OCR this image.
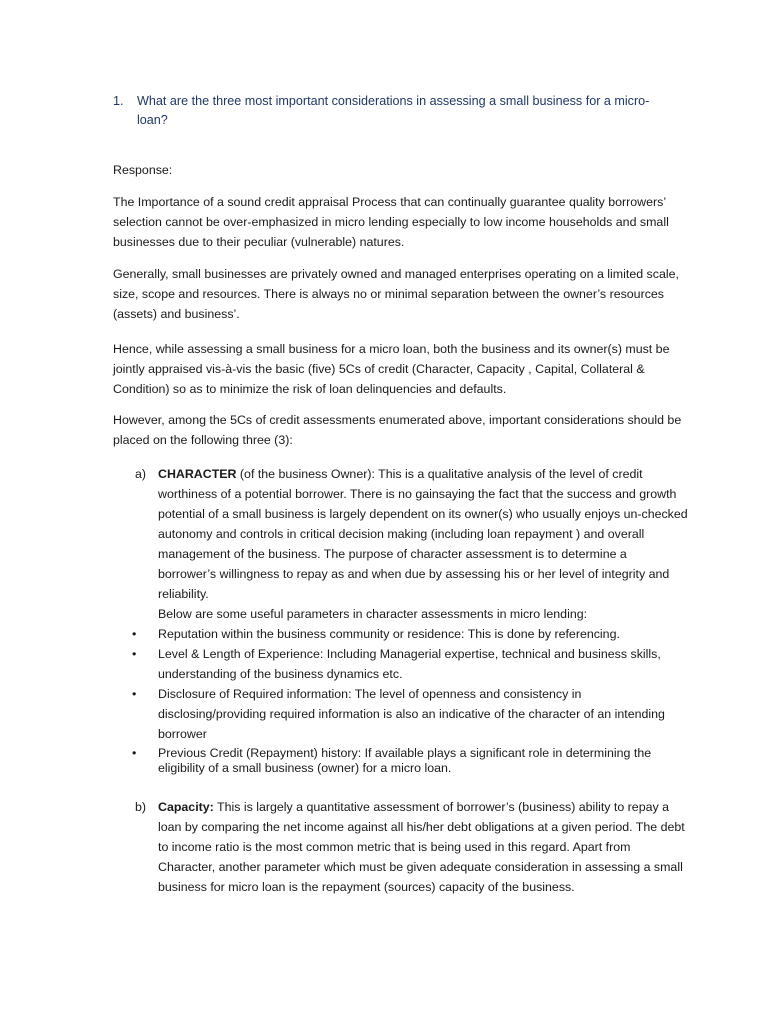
1. What are the three most important considerations in assessing a small business for a micro-loan?

Response:

The Importance of a sound credit appraisal Process that can continually guarantee quality borrowers’ selection cannot be over-emphasized in micro lending especially to low income households and small businesses due to their peculiar (vulnerable) natures.

Generally, small businesses are privately owned and managed enterprises operating on a limited scale, size, scope and resources. There is always no or minimal separation between the owner’s resources (assets) and business’.

Hence, while assessing a small business for a micro loan, both the business and its owner(s) must be jointly appraised vis-à-vis the basic (five) 5Cs of credit (Character, Capacity , Capital, Collateral & Condition) so as to minimize the risk of loan delinquencies and defaults.

However, among the 5Cs of credit assessments enumerated above, important considerations should be placed on the following three (3):

a) CHARACTER (of the business Owner): This is a qualitative analysis of the level of credit worthiness of a potential borrower. There is no gainsaying the fact that the success and growth potential of a small business is largely dependent on its owner(s) who usually enjoys un-checked autonomy and controls in critical decision making (including loan repayment ) and overall management of the business. The purpose of character assessment is to determine a borrower’s willingness to repay as and when due by assessing his or her level of integrity and reliability.
Below are some useful parameters in character assessments in micro lending:
• Reputation within the business community or residence: This is done by referencing.
• Level & Length of Experience: Including Managerial expertise, technical and business skills, understanding of the business dynamics etc.
• Disclosure of Required information: The level of openness and consistency in disclosing/providing required information is also an indicative of the character of an intending borrower
• Previous Credit (Repayment) history: If available plays a significant role in determining the eligibility of a small business (owner) for a micro loan.
b) Capacity: This is largely a quantitative assessment of borrower’s (business) ability to repay a loan by comparing the net income against all his/her debt obligations at a given period. The debt to income ratio is the most common metric that is being used in this regard. Apart from Character, another parameter which must be given adequate consideration in assessing a small business for micro loan is the repayment (sources) capacity of the business.
